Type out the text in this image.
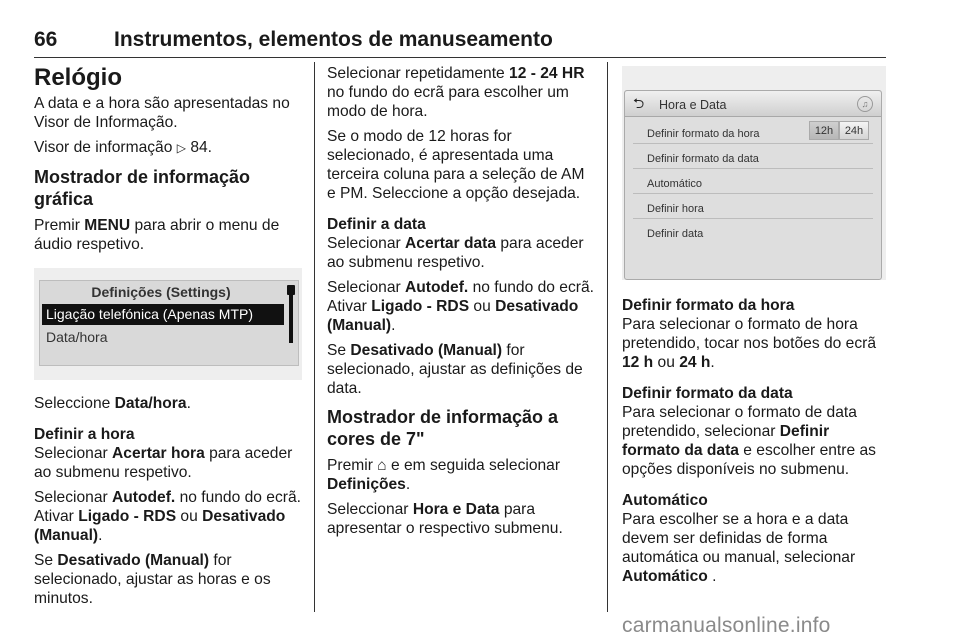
66	Instrumentos, elementos de manuseamento
Relógio

A data e a hora são apresentadas no Visor de Informação.

Visor de informação ▷ 84.

Mostrador de informação gráfica

Premir MENU para abrir o menu de áudio respetivo.

Definições (Settings)
Ligação telefónica (Apenas MTP)
Data/hora

Seleccione Data/hora.

Definir a hora

Selecionar Acertar hora para aceder ao submenu respetivo.

Selecionar Autodef. no fundo do ecrã. Ativar Ligado - RDS ou Desativado (Manual).

Se Desativado (Manual) for selecionado, ajustar as horas e os minutos.

Selecionar repetidamente 12 - 24 HR no fundo do ecrã para escolher um modo de hora.

Se o modo de 12 horas for selecionado, é apresentada uma terceira coluna para a seleção de AM e PM. Seleccione a opção desejada.

Definir a data

Selecionar Acertar data para aceder ao submenu respetivo.

Selecionar Autodef. no fundo do ecrã. Ativar Ligado - RDS ou Desativado (Manual).

Se Desativado (Manual) for selecionado, ajustar as definições de data.

Mostrador de informação a cores de 7"

Premir ⌂ e em seguida selecionar Definições.

Seleccionar Hora e Data para apresentar o respectivo submenu.

⮌ Hora e Data	♫
Definir formato da hora	12h	24h
Definir formato da data
Automático
Definir hora
Definir data

Definir formato da hora

Para selecionar o formato de hora pretendido, tocar nos botões do ecrã 12 h ou 24 h.

Definir formato da data

Para selecionar o formato de data pretendido, selecionar Definir formato da data e escolher entre as opções disponíveis no submenu.

Automático

Para escolher se a hora e a data devem ser definidas de forma automática ou manual, selecionar Automático .

carmanualsonline.info
